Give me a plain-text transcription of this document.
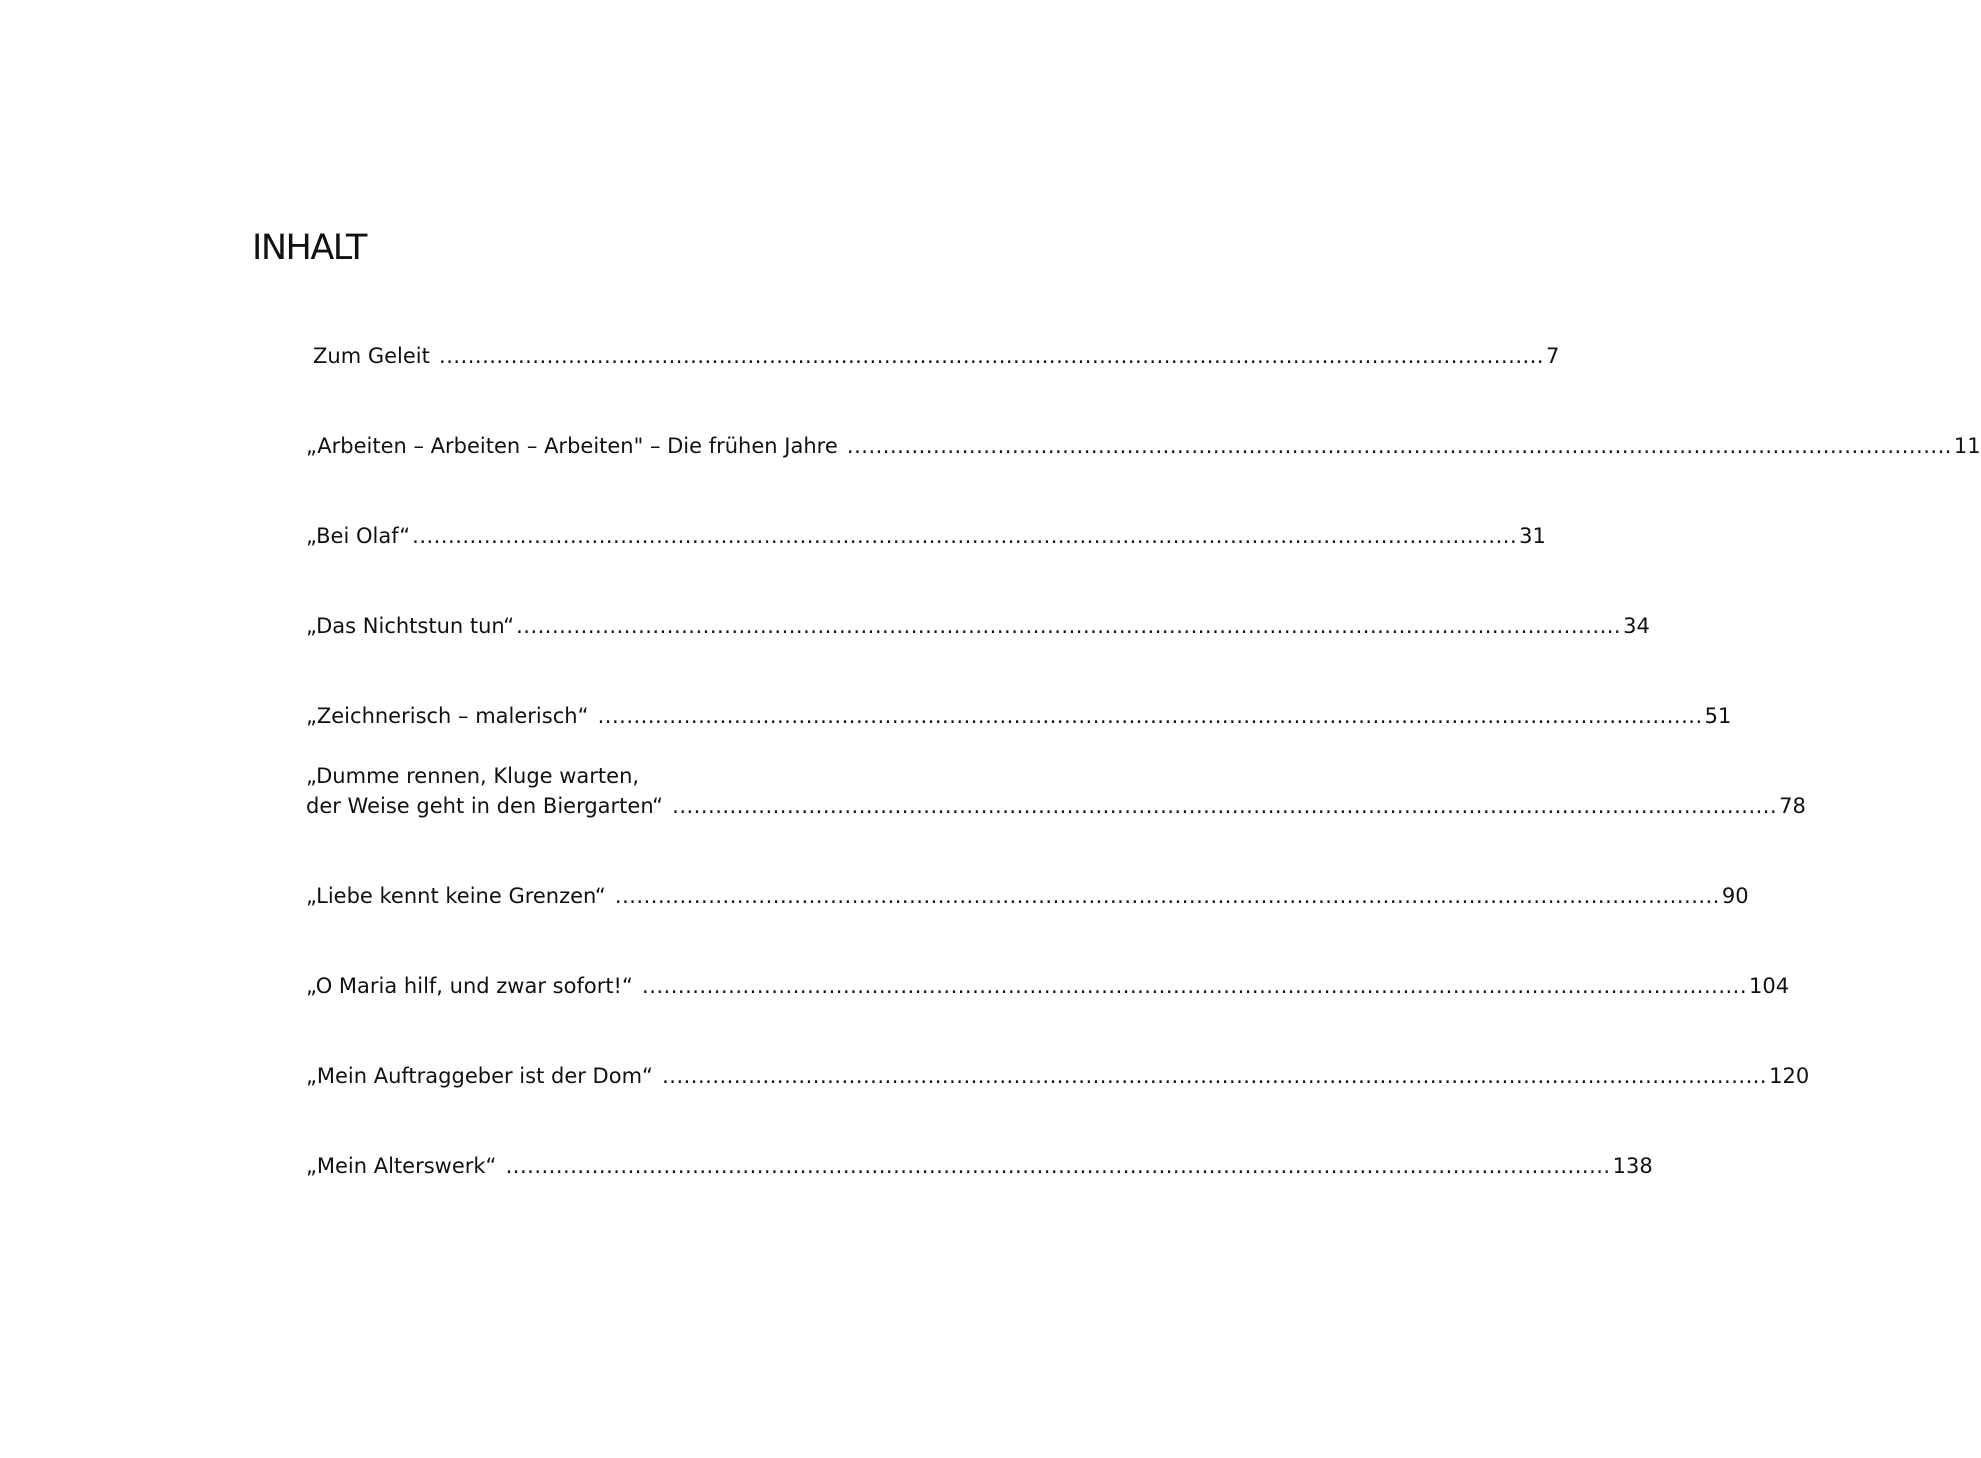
INHALT
Zum Geleit .......................................................................................................................................................... 7
„Arbeiten – Arbeiten – Arbeiten" – Die frühen Jahre .......................................................................................................................................................... 11
„Bei Olaf“ .......................................................................................................................................................... 31
„Das Nichtstun tun“ .......................................................................................................................................................... 34
„Zeichnerisch – malerisch“ .......................................................................................................................................................... 51
„Dumme rennen, Kluge warten,
der Weise geht in den Biergarten“ .......................................................................................................................................................... 78
„Liebe kennt keine Grenzen“ .......................................................................................................................................................... 90
„O Maria hilf, und zwar sofort!“ .......................................................................................................................................................... 104
„Mein Auftraggeber ist der Dom“ .......................................................................................................................................................... 120
„Mein Alterswerk“ .......................................................................................................................................................... 138
